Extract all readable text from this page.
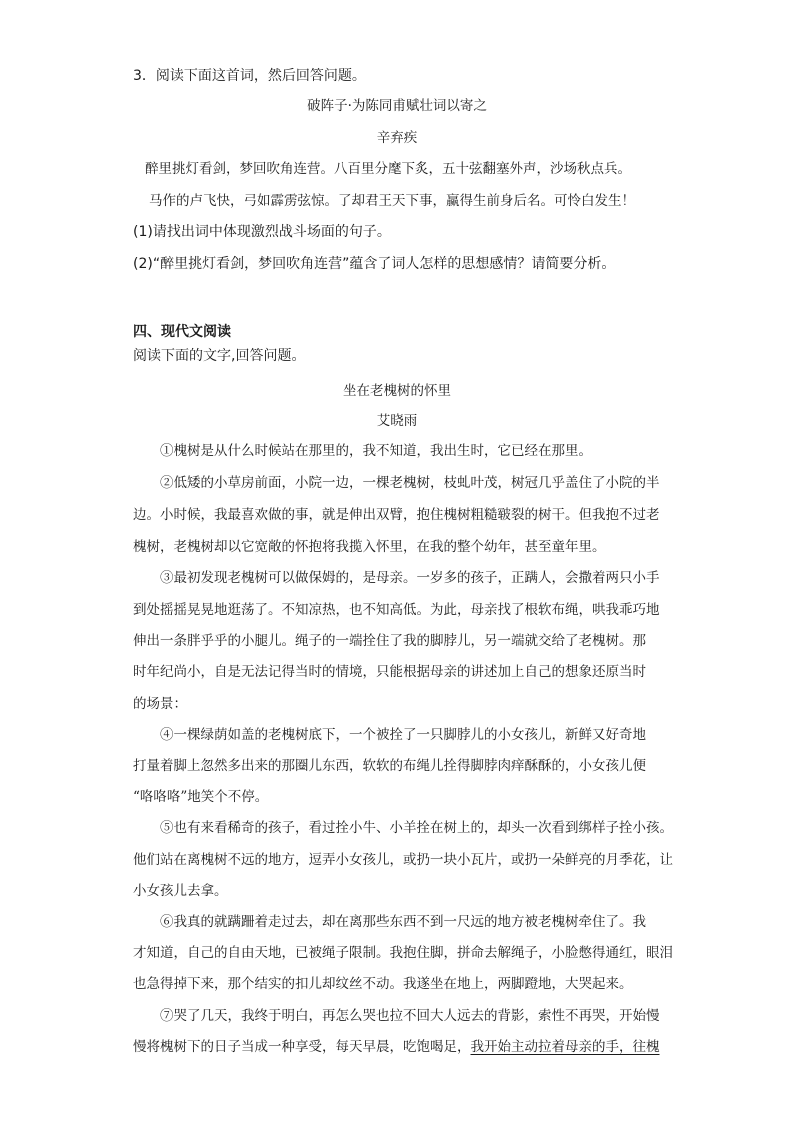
3．阅读下面这首词，然后回答问题。
破阵子·为陈同甫赋壮词以寄之
辛弃疾
醉里挑灯看剑，梦回吹角连营。八百里分麾下炙，五十弦翻塞外声，沙场秋点兵。
马作的卢飞快，弓如霹雳弦惊。了却君王天下事，赢得生前身后名。可怜白发生！
(1)请找出词中体现激烈战斗场面的句子。
(2)“醉里挑灯看剑，梦回吹角连营”蕴含了词人怎样的思想感情？请简要分析。
四、现代文阅读
阅读下面的文字,回答问题。
坐在老槐树的怀里
艾晓雨
①槐树是从什么时候站在那里的，我不知道，我出生时，它已经在那里。
②低矮的小草房前面，小院一边，一棵老槐树，枝虬叶茂，树冠几乎盖住了小院的半
边。小时候，我最喜欢做的事，就是伸出双臂，抱住槐树粗糙皲裂的树干。但我抱不过老
槐树，老槐树却以它宽敞的怀抱将我揽入怀里，在我的整个幼年，甚至童年里。
③最初发现老槐树可以做保姆的，是母亲。一岁多的孩子，正蹒人，会撒着两只小手
到处摇摇晃晃地逛荡了。不知凉热，也不知高低。为此，母亲找了根软布绳，哄我乖巧地
伸出一条胖乎乎的小腿儿。绳子的一端拴住了我的脚脖儿，另一端就交给了老槐树。那
时年纪尚小，自是无法记得当时的情境，只能根据母亲的讲述加上自己的想象还原当时
的场景：
④一棵绿荫如盖的老槐树底下，一个被拴了一只脚脖儿的小女孩儿，新鲜又好奇地
打量着脚上忽然多出来的那圈儿东西，软软的布绳儿拴得脚脖肉痒酥酥的，小女孩儿便
“咯咯咯”地笑个不停。
⑤也有来看稀奇的孩子，看过拴小牛、小羊拴在树上的，却头一次看到绑样子拴小孩。
他们站在离槐树不远的地方，逗弄小女孩儿，或扔一块小瓦片，或扔一朵鲜亮的月季花，让
小女孩儿去拿。
⑥我真的就蹒跚着走过去，却在离那些东西不到一尺远的地方被老槐树牵住了。我
才知道，自己的自由天地，已被绳子限制。我抱住脚，拼命去解绳子，小脸憋得通红，眼泪
也急得掉下来，那个结实的扣儿却纹丝不动。我遂坐在地上，两脚蹬地，大哭起来。
⑦哭了几天，我终于明白，再怎么哭也拉不回大人远去的背影，索性不再哭，开始慢
慢将槐树下的日子当成一种享受，每天早晨，吃饱喝足，我开始主动拉着母亲的手，往槐
